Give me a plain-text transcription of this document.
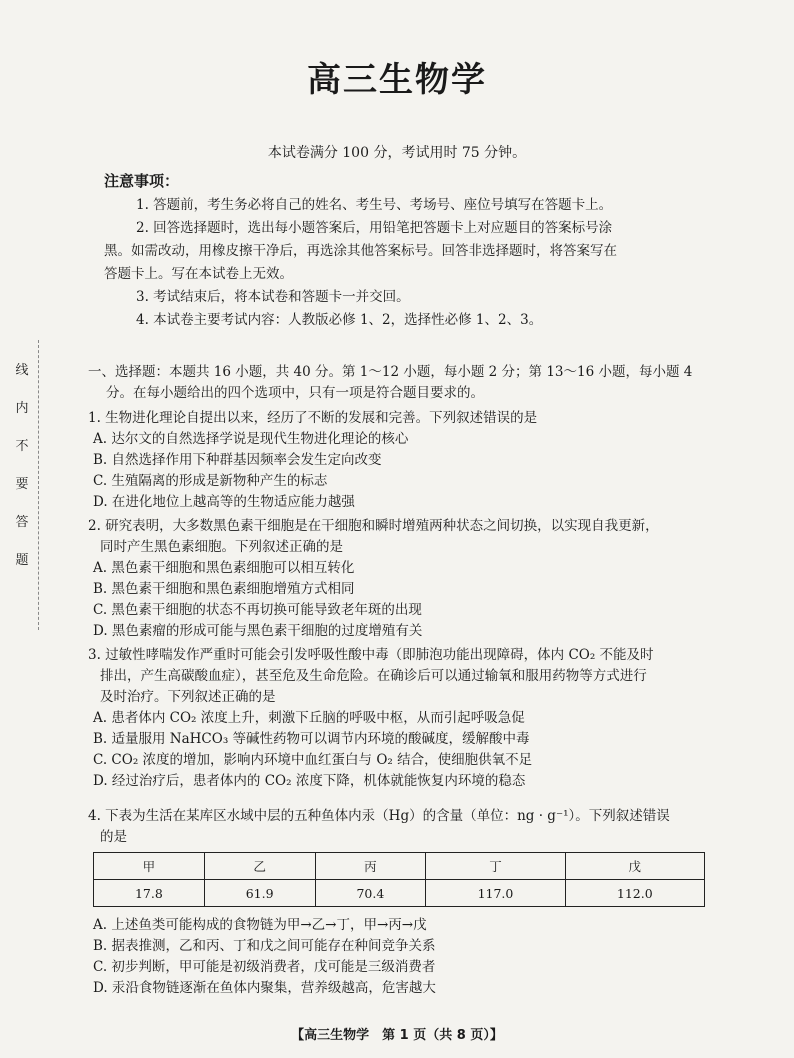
高三生物学
本试卷满分 100 分，考试用时 75 分钟。
注意事项：

1. 答题前，考生务必将自己的姓名、考生号、考场号、座位号填写在答题卡上。

2. 回答选择题时，选出每小题答案后，用铅笔把答题卡上对应题目的答案标号涂

黑。如需改动，用橡皮擦干净后，再选涂其他答案标号。回答非选择题时，将答案写在

答题卡上。写在本试卷上无效。

3. 考试结束后，将本试卷和答题卡一并交回。

4. 本试卷主要考试内容：人教版必修 1、2，选择性必修 1、2、3。

线
内
不
要
答
题

一、选择题：本题共 16 小题，共 40 分。第 1～12 小题，每小题 2 分；第 13～16 小题，每小题 4

分。在每小题给出的四个选项中，只有一项是符合题目要求的。

1. 生物进化理论自提出以来，经历了不断的发展和完善。下列叙述错误的是

A. 达尔文的自然选择学说是现代生物进化理论的核心

B. 自然选择作用下种群基因频率会发生定向改变

C. 生殖隔离的形成是新物种产生的标志

D. 在进化地位上越高等的生物适应能力越强

2. 研究表明，大多数黑色素干细胞是在干细胞和瞬时增殖两种状态之间切换，以实现自我更新，

同时产生黑色素细胞。下列叙述正确的是

A. 黑色素干细胞和黑色素细胞可以相互转化

B. 黑色素干细胞和黑色素细胞增殖方式相同

C. 黑色素干细胞的状态不再切换可能导致老年斑的出现

D. 黑色素瘤的形成可能与黑色素干细胞的过度增殖有关

3. 过敏性哮喘发作严重时可能会引发呼吸性酸中毒（即肺泡功能出现障碍，体内 CO₂ 不能及时

排出，产生高碳酸血症），甚至危及生命危险。在确诊后可以通过输氧和服用药物等方式进行

及时治疗。下列叙述正确的是

A. 患者体内 CO₂ 浓度上升，刺激下丘脑的呼吸中枢，从而引起呼吸急促

B. 适量服用 NaHCO₃ 等碱性药物可以调节内环境的酸碱度，缓解酸中毒

C. CO₂ 浓度的增加，影响内环境中血红蛋白与 O₂ 结合，使细胞供氧不足

D. 经过治疗后，患者体内的 CO₂ 浓度下降，机体就能恢复内环境的稳态

4. 下表为生活在某库区水域中层的五种鱼体内汞（Hg）的含量（单位：ng · g⁻¹）。下列叙述错误

的是

甲	乙	丙	丁	戊
17.8	61.9	70.4	117.0	112.0

A. 上述鱼类可能构成的食物链为甲→乙→丁，甲→丙→戊

B. 据表推测，乙和丙、丁和戊之间可能存在种间竞争关系

C. 初步判断，甲可能是初级消费者，戊可能是三级消费者

D. 汞沿食物链逐渐在鱼体内聚集，营养级越高，危害越大

【高三生物学　第 1 页（共 8 页）】
